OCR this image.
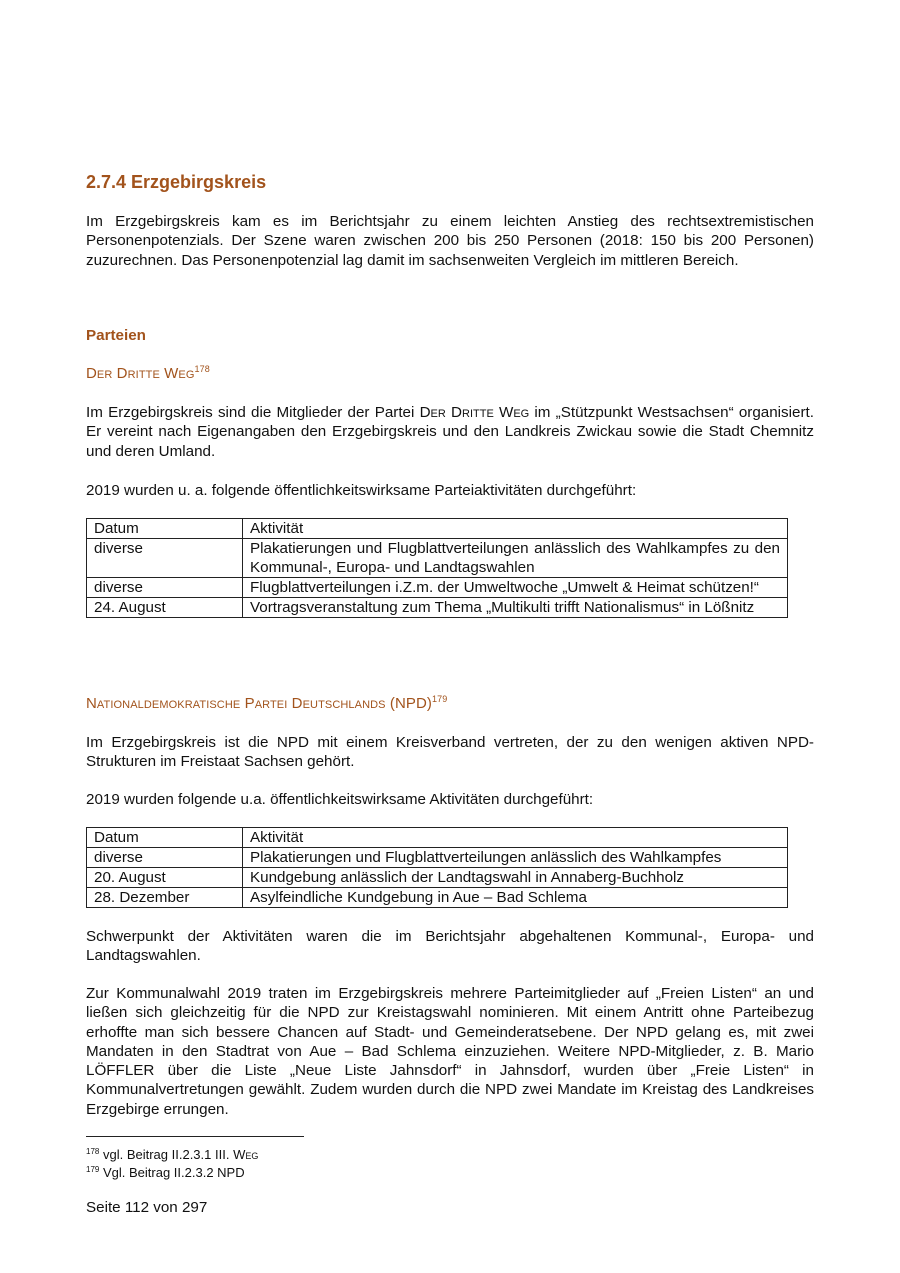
2.7.4 Erzgebirgskreis

Im Erzgebirgskreis kam es im Berichtsjahr zu einem leichten Anstieg des rechtsextremistischen Personenpotenzials. Der Szene waren zwischen 200 bis 250 Personen (2018: 150 bis 200 Personen) zuzurechnen. Das Personenpotenzial lag damit im sachsenweiten Vergleich im mittleren Bereich.

Parteien
Der Dritte Weg$^{178}$

Im Erzgebirgskreis sind die Mitglieder der Partei Der Dritte Weg im „Stützpunkt Westsachsen“ organisiert. Er vereint nach Eigenangaben den Erzgebirgskreis und den Landkreis Zwickau sowie die Stadt Chemnitz und deren Umland.

2019 wurden u. a. folgende öffentlichkeitswirksame Parteiaktivitäten durchgeführt:

Datum	Aktivität
diverse	Plakatierungen und Flugblattverteilungen anlässlich des Wahlkampfes zu den Kommunal-, Europa- und Landtagswahlen
diverse	Flugblattverteilungen i.Z.m. der Umweltwoche „Umwelt & Heimat schützen!“
24. August	Vortragsveranstaltung zum Thema „Multikulti trifft Nationalismus“ in Lößnitz
Nationaldemokratische Partei Deutschlands (NPD)$^{179}$

Im Erzgebirgskreis ist die NPD mit einem Kreisverband vertreten, der zu den wenigen aktiven NPD-Strukturen im Freistaat Sachsen gehört.

2019 wurden folgende u.a. öffentlichkeitswirksame Aktivitäten durchgeführt:

Datum	Aktivität
diverse	Plakatierungen und Flugblattverteilungen anlässlich des Wahlkampfes
20. August	Kundgebung anlässlich der Landtagswahl in Annaberg-Buchholz
28. Dezember	Asylfeindliche Kundgebung in Aue – Bad Schlema

Schwerpunkt der Aktivitäten waren die im Berichtsjahr abgehaltenen Kommunal-, Europa- und Landtagswahlen.

Zur Kommunalwahl 2019 traten im Erzgebirgskreis mehrere Parteimitglieder auf „Freien Listen“ an und ließen sich gleichzeitig für die NPD zur Kreistagswahl nominieren. Mit einem Antritt ohne Parteibezug erhoffte man sich bessere Chancen auf Stadt- und Gemeinderatsebene. Der NPD gelang es, mit zwei Mandaten in den Stadtrat von Aue – Bad Schlema einzuziehen. Weitere NPD-Mitglieder, z. B. Mario LÖFFLER über die Liste „Neue Liste Jahnsdorf“ in Jahnsdorf, wurden über „Freie Listen“ in Kommunalvertretungen gewählt. Zudem wurden durch die NPD zwei Mandate im Kreistag des Landkreises Erzgebirge errungen.

$^{178}$ vgl. Beitrag II.2.3.1 III. Weg
$^{179}$ Vgl. Beitrag II.2.3.2 NPD
Seite 112 von 297
